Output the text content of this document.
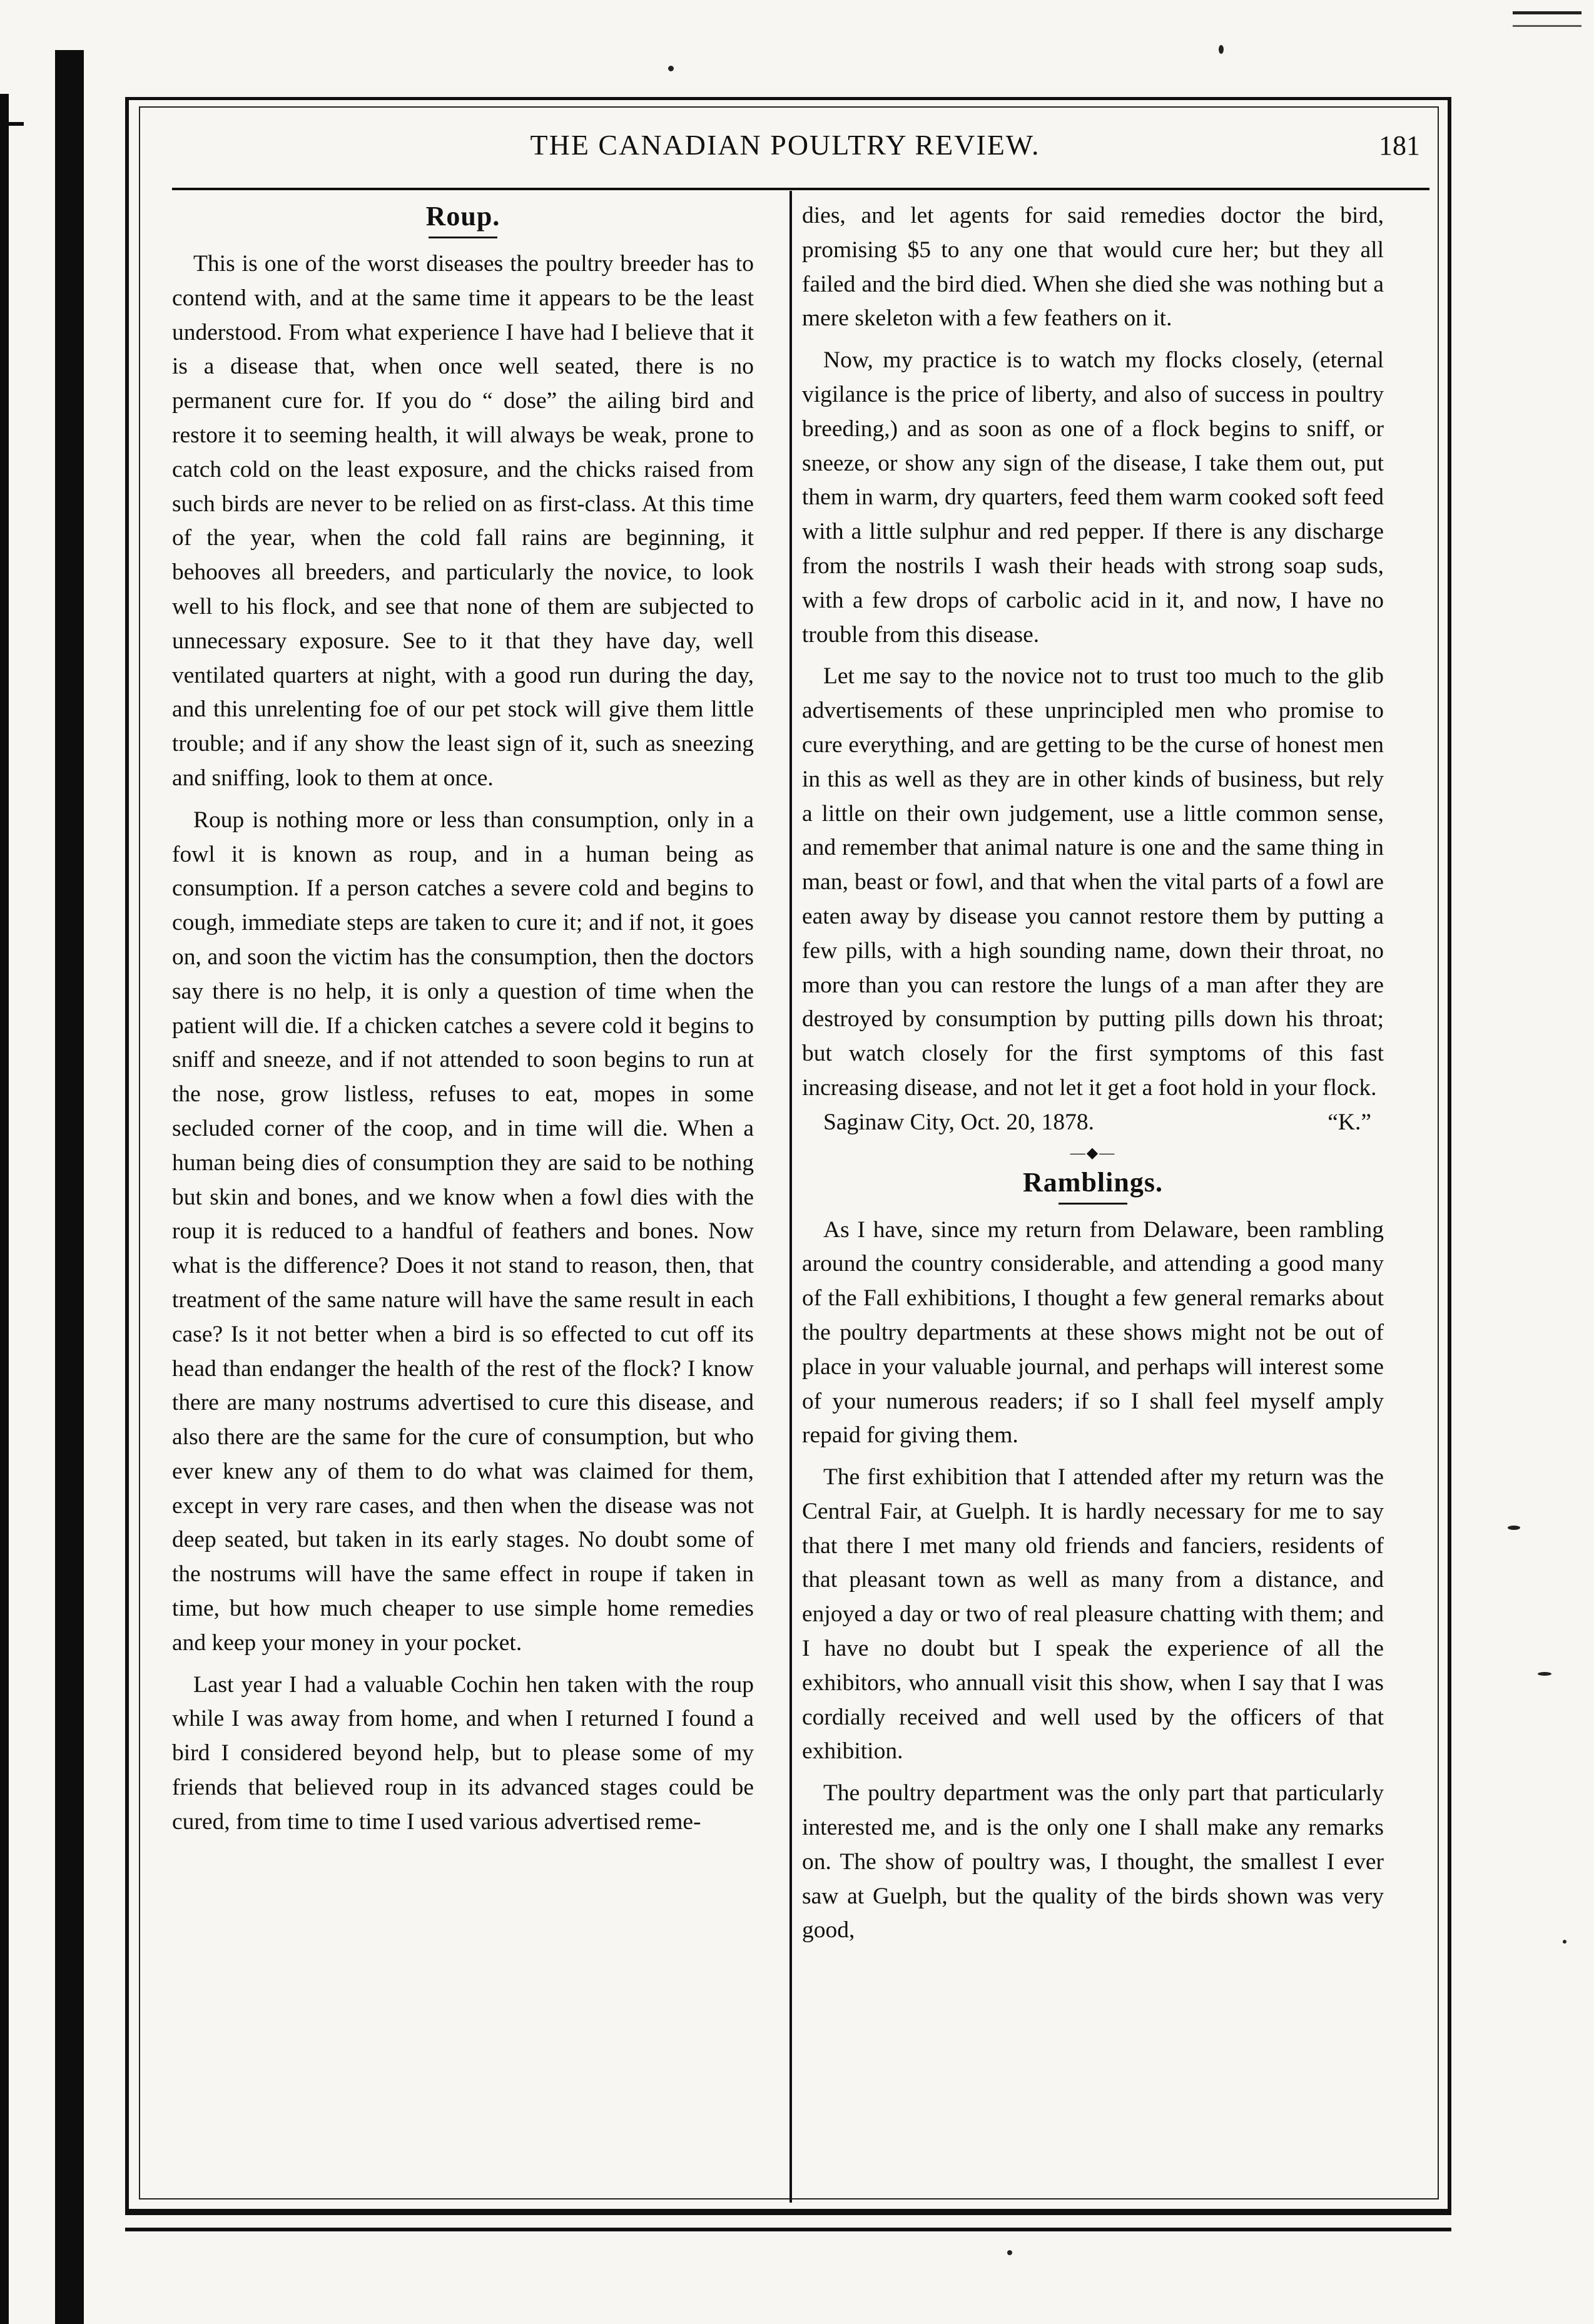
THE CANADIAN POULTRY REVIEW.	181
Roup.

This is one of the worst diseases the poultry breeder has to contend with, and at the same time it appears to be the least understood. From what experience I have had I believe that it is a disease that, when once well seated, there is no permanent cure for. If you do “ dose” the ailing bird and restore it to seeming health, it will always be weak, prone to catch cold on the least exposure, and the chicks raised from such birds are never to be relied on as first-class. At this time of the year, when the cold fall rains are beginning, it behooves all breeders, and particularly the novice, to look well to his flock, and see that none of them are subjected to unnecessary exposure. See to it that they have day, well ventilated quarters at night, with a good run during the day, and this unrelenting foe of our pet stock will give them little trouble; and if any show the least sign of it, such as sneezing and sniffing, look to them at once.

Roup is nothing more or less than consumption, only in a fowl it is known as roup, and in a human being as consumption. If a person catches a severe cold and begins to cough, immediate steps are taken to cure it; and if not, it goes on, and soon the victim has the consumption, then the doctors say there is no help, it is only a question of time when the patient will die. If a chicken catches a severe cold it begins to sniff and sneeze, and if not attended to soon begins to run at the nose, grow listless, refuses to eat, mopes in some secluded corner of the coop, and in time will die. When a human being dies of consumption they are said to be nothing but skin and bones, and we know when a fowl dies with the roup it is reduced to a handful of feathers and bones. Now what is the difference? Does it not stand to reason, then, that treatment of the same nature will have the same result in each case? Is it not better when a bird is so effected to cut off its head than endanger the health of the rest of the flock? I know there are many nostrums advertised to cure this disease, and also there are the same for the cure of consumption, but who ever knew any of them to do what was claimed for them, except in very rare cases, and then when the disease was not deep seated, but taken in its early stages. No doubt some of the nostrums will have the same effect in roupe if taken in time, but how much cheaper to use simple home remedies and keep your money in your pocket.

Last year I had a valuable Cochin hen taken with the roup while I was away from home, and when I returned I found a bird I considered beyond help, but to please some of my friends that believed roup in its advanced stages could be cured, from time to time I used various advertised reme-

dies, and let agents for said remedies doctor the bird, promising $5 to any one that would cure her; but they all failed and the bird died. When she died she was nothing but a mere skeleton with a few feathers on it.

Now, my practice is to watch my flocks closely, (eternal vigilance is the price of liberty, and also of success in poultry breeding,) and as soon as one of a flock begins to sniff, or sneeze, or show any sign of the disease, I take them out, put them in warm, dry quarters, feed them warm cooked soft feed with a little sulphur and red pepper. If there is any discharge from the nostrils I wash their heads with strong soap suds, with a few drops of carbolic acid in it, and now, I have no trouble from this disease.

Let me say to the novice not to trust too much to the glib advertisements of these unprincipled men who promise to cure everything, and are getting to be the curse of honest men in this as well as they are in other kinds of business, but rely a little on their own judgement, use a little common sense, and remember that animal nature is one and the same thing in man, beast or fowl, and that when the vital parts of a fowl are eaten away by disease you cannot restore them by putting a few pills, with a high sounding name, down their throat, no more than you can restore the lungs of a man after they are destroyed by consumption by putting pills down his throat; but watch closely for the first symptoms of this fast increasing disease, and not let it get a foot hold in your flock.

Saginaw City, Oct. 20, 1878.	“K.”
—◆—
Ramblings.

As I have, since my return from Delaware, been rambling around the country considerable, and attending a good many of the Fall exhibitions, I thought a few general remarks about the poultry departments at these shows might not be out of place in your valuable journal, and perhaps will interest some of your numerous readers; if so I shall feel myself amply repaid for giving them.

The first exhibition that I attended after my return was the Central Fair, at Guelph. It is hardly necessary for me to say that there I met many old friends and fanciers, residents of that pleasant town as well as many from a distance, and enjoyed a day or two of real pleasure chatting with them; and I have no doubt but I speak the experience of all the exhibitors, who annuall visit this show, when I say that I was cordially received and well used by the officers of that exhibition.

The poultry department was the only part that particularly interested me, and is the only one I shall make any remarks on. The show of poultry was, I thought, the smallest I ever saw at Guelph, but the quality of the birds shown was very good,
